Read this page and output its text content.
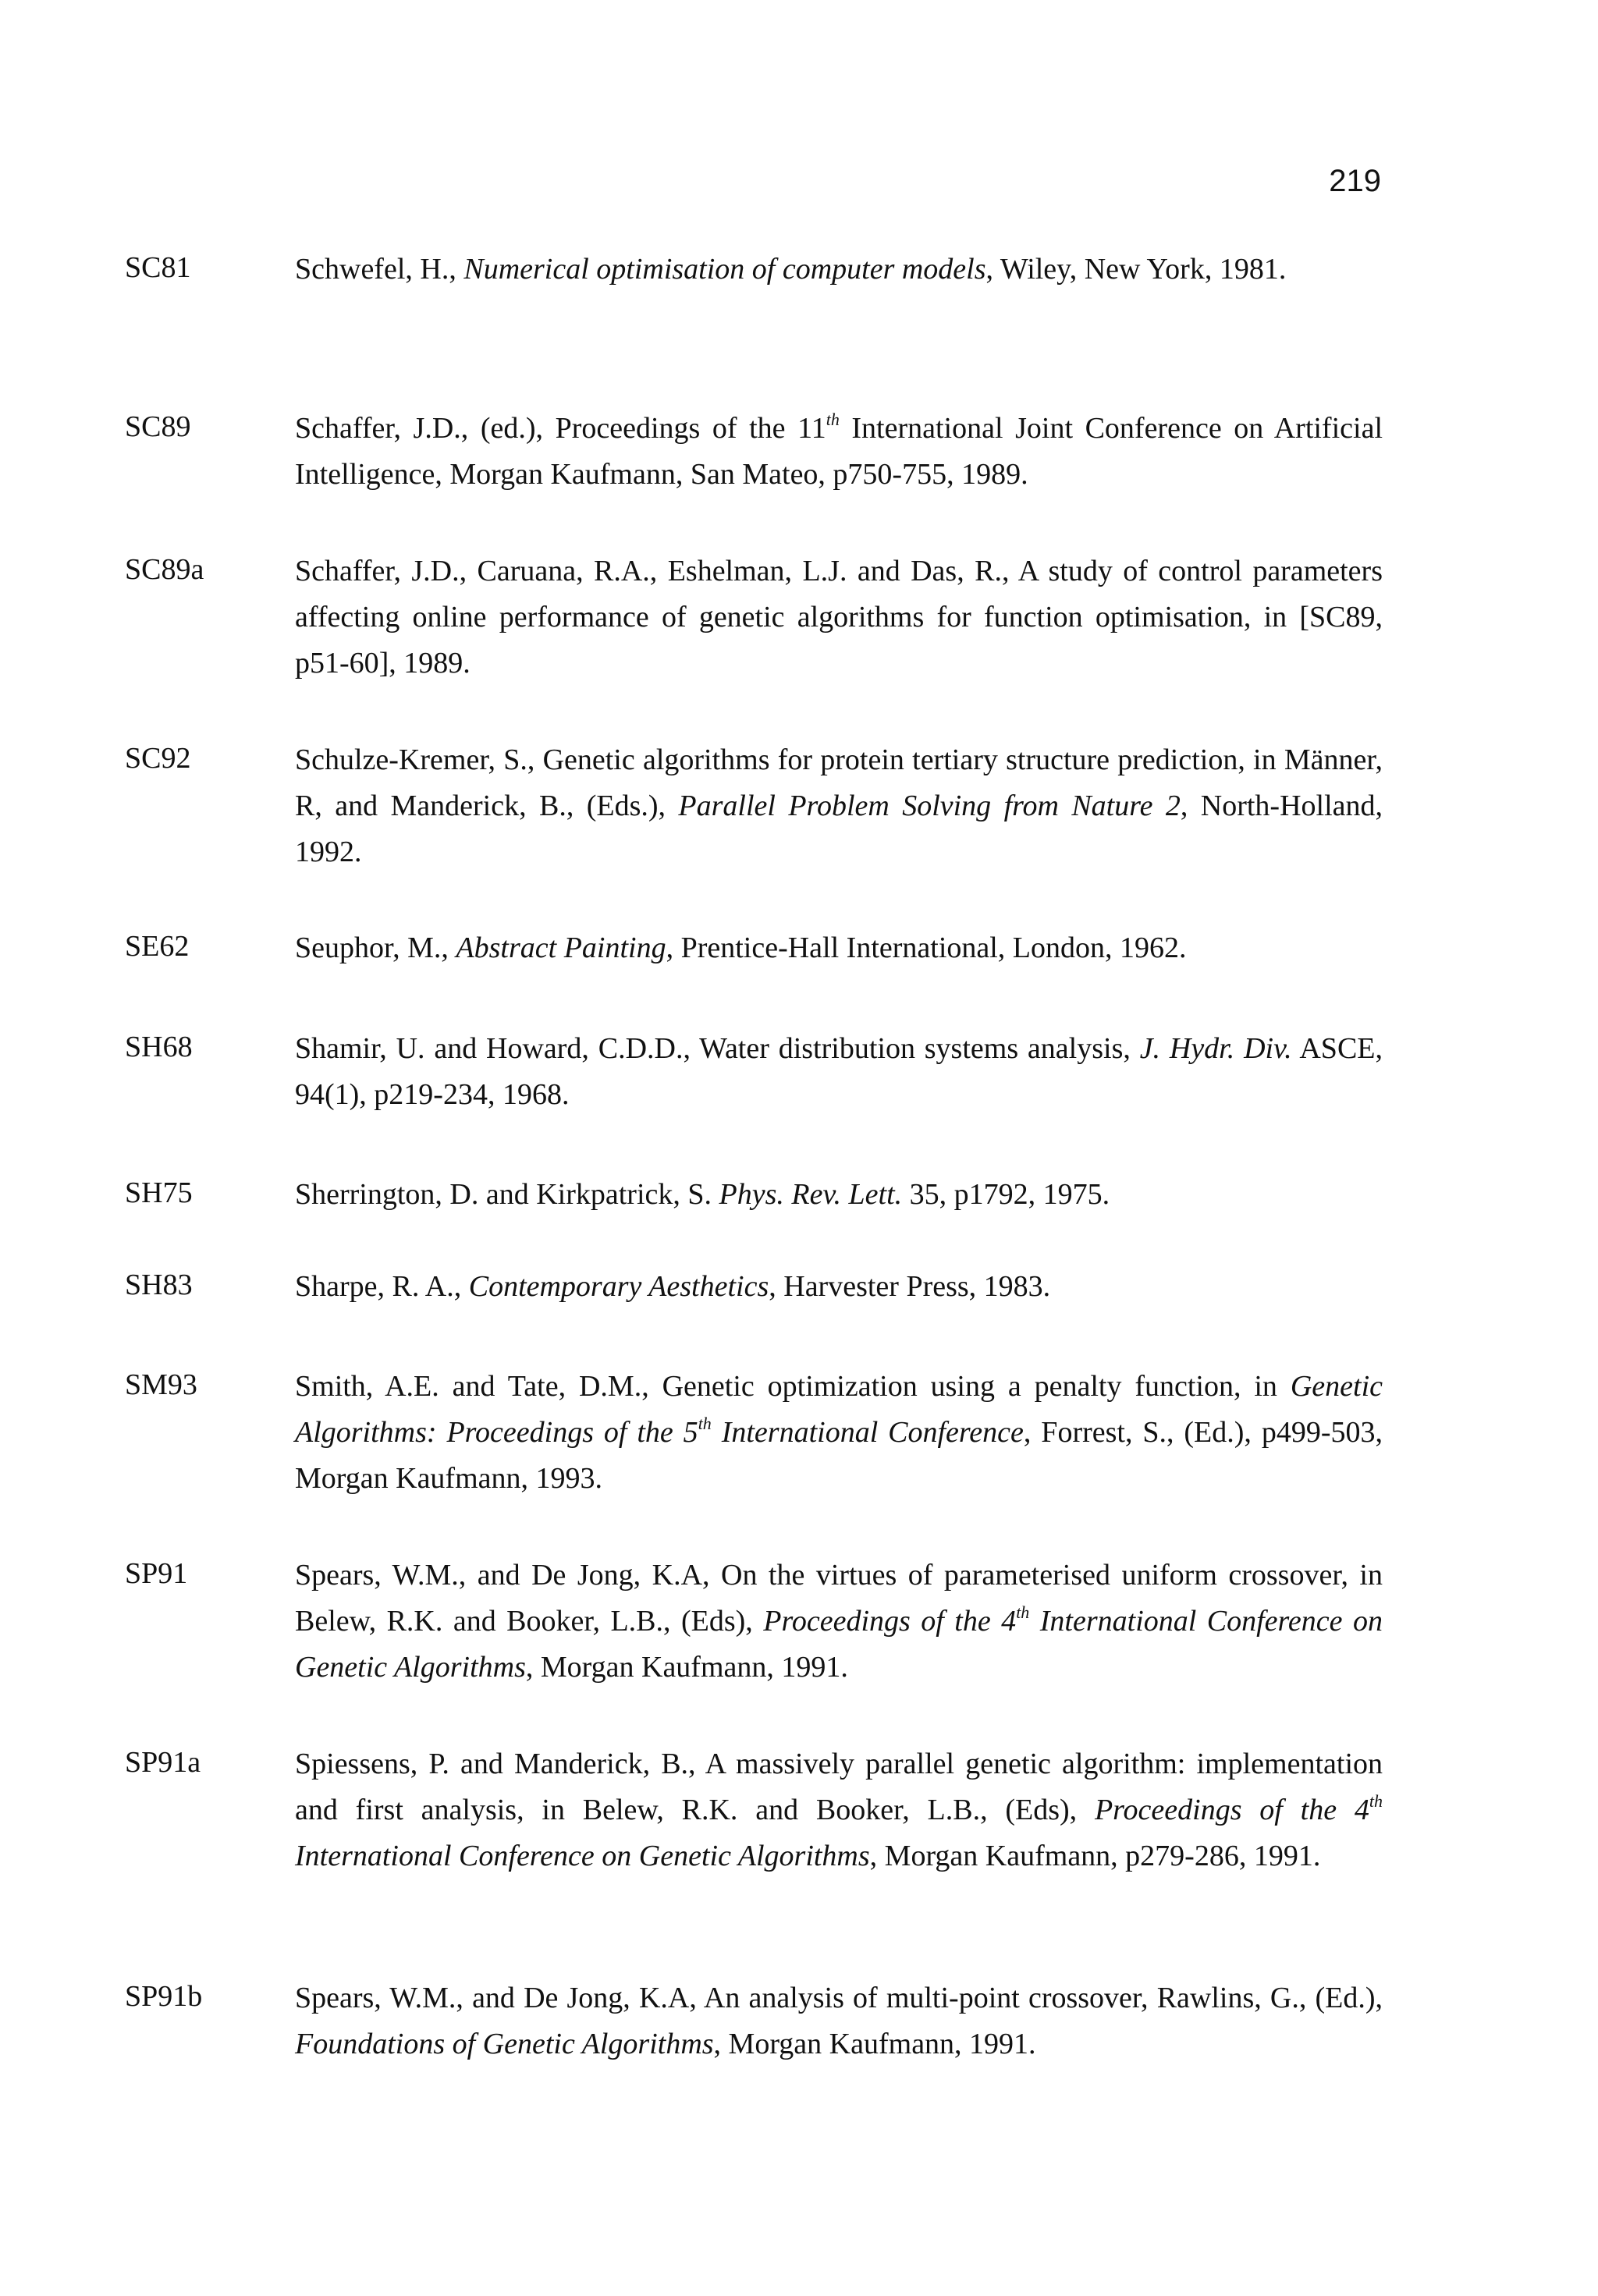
219
SC81	Schwefel, H., Numerical optimisation of computer models, Wiley, New York, 1981.
SC89	Schaffer, J.D., (ed.), Proceedings of the 11th International Joint Conference on Artificial Intelligence, Morgan Kaufmann, San Mateo, p750-755, 1989.
SC89a	Schaffer, J.D., Caruana, R.A., Eshelman, L.J. and Das, R., A study of control parameters affecting online performance of genetic algorithms for function optimisation, in [SC89, p51-60], 1989.
SC92	Schulze-Kremer, S., Genetic algorithms for protein tertiary structure prediction, in Männer, R, and Manderick, B., (Eds.), Parallel Problem Solving from Nature 2, North-Holland, 1992.
SE62	Seuphor, M., Abstract Painting, Prentice-Hall International, London, 1962.
SH68	Shamir, U. and Howard, C.D.D., Water distribution systems analysis, J. Hydr. Div. ASCE, 94(1), p219-234, 1968.
SH75	Sherrington, D. and Kirkpatrick, S. Phys. Rev. Lett. 35, p1792, 1975.
SH83	Sharpe, R. A., Contemporary Aesthetics, Harvester Press, 1983.
SM93	Smith, A.E. and Tate, D.M., Genetic optimization using a penalty function, in Genetic Algorithms: Proceedings of the 5th International Conference, Forrest, S., (Ed.), p499-503, Morgan Kaufmann, 1993.
SP91	Spears, W.M., and De Jong, K.A, On the virtues of parameterised uniform crossover, in Belew, R.K. and Booker, L.B., (Eds), Proceedings of the 4th International Conference on Genetic Algorithms, Morgan Kaufmann, 1991.
SP91a	Spiessens, P. and Manderick, B., A massively parallel genetic algorithm: implementation and first analysis, in Belew, R.K. and Booker, L.B., (Eds), Proceedings of the 4th International Conference on Genetic Algorithms, Morgan Kaufmann, p279-286, 1991.
SP91b	Spears, W.M., and De Jong, K.A, An analysis of multi-point crossover, Rawlins, G., (Ed.), Foundations of Genetic Algorithms, Morgan Kaufmann, 1991.
